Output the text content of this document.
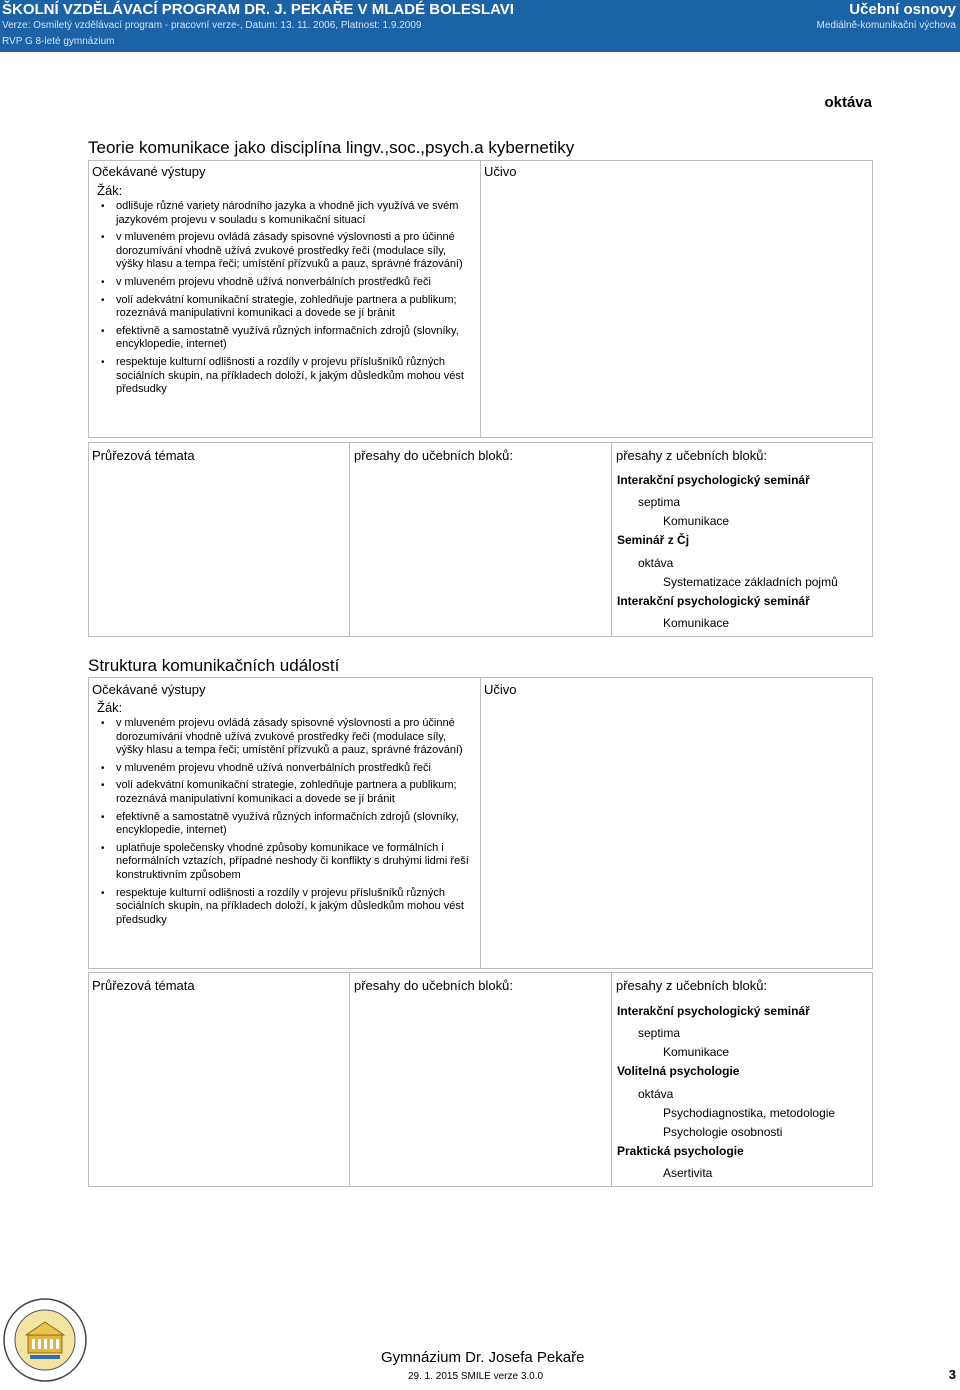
ŠKOLNÍ VZDĚLÁVACÍ PROGRAM DR. J. PEKAŘE V MLADÉ BOLESLAVI	Učební osnovy
Verze: Osmiletý vzdělávací program - pracovní verze-, Datum: 13. 11. 2006, Platnost: 1.9.2009	Mediálně-komunikační výchova
RVP G 8-leté gymnázium
oktáva
Teorie komunikace jako disciplína lingv.,soc.,psych.a kybernetiky
Očekávané výstupy	Učivo
Žák:
• odlišuje různé variety národního jazyka a vhodně jich využívá ve svém jazykovém projevu v souladu s komunikační situací
• v mluveném projevu ovládá zásady spisovné výslovnosti a pro účinné dorozumívání vhodně užívá zvukové prostředky řeči (modulace síly, výšky hlasu a tempa řeči; umístění přízvuků a pauz, správné frázování)
• v mluveném projevu vhodně užívá nonverbálních prostředků řeči
• volí adekvátní komunikační strategie, zohledňuje partnera a publikum; rozeznává manipulativní komunikaci a dovede se jí bránit
• efektivně a samostatně využívá různých informačních zdrojů (slovníky, encyklopedie, internet)
• respektuje kulturní odlišnosti a rozdíly v projevu příslušníků různých sociálních skupin, na příkladech doloží, k jakým důsledkům mohou vést předsudky
Průřezová témata	přesahy do učebních bloků:	přesahy z učebních bloků:
Interakční psychologický seminář
septima
Komunikace
Seminář z Čj
oktáva
Systematizace základních pojmů
Interakční psychologický seminář
Komunikace
Struktura komunikačních událostí
Očekávané výstupy	Učivo
Žák:
• v mluveném projevu ovládá zásady spisovné výslovnosti a pro účinné dorozumívání vhodně užívá zvukové prostředky řeči (modulace síly, výšky hlasu a tempa řeči; umístění přízvuků a pauz, správné frázování)
• v mluveném projevu vhodně užívá nonverbálních prostředků řeči
• volí adekvátní komunikační strategie, zohledňuje partnera a publikum; rozeznává manipulativní komunikaci a dovede se jí bránit
• efektivně a samostatně využívá různých informačních zdrojů (slovníky, encyklopedie, internet)
• uplatňuje společensky vhodné způsoby komunikace ve formálních i neformálních vztazích, případné neshody či konflikty s druhými lidmi řeší konstruktivním způsobem
• respektuje kulturní odlišnosti a rozdíly v projevu příslušníků různých sociálních skupin, na příkladech doloží, k jakým důsledkům mohou vést předsudky
Průřezová témata	přesahy do učebních bloků:	přesahy z učebních bloků:
Interakční psychologický seminář
septima
Komunikace
Volitelná psychologie
oktáva
Psychodiagnostika, metodologie
Psychologie osobnosti
Praktická psychologie
Asertivita
Gymnázium Dr. Josefa Pekaře
29. 1. 2015 SMILE verze 3.0.0	3
